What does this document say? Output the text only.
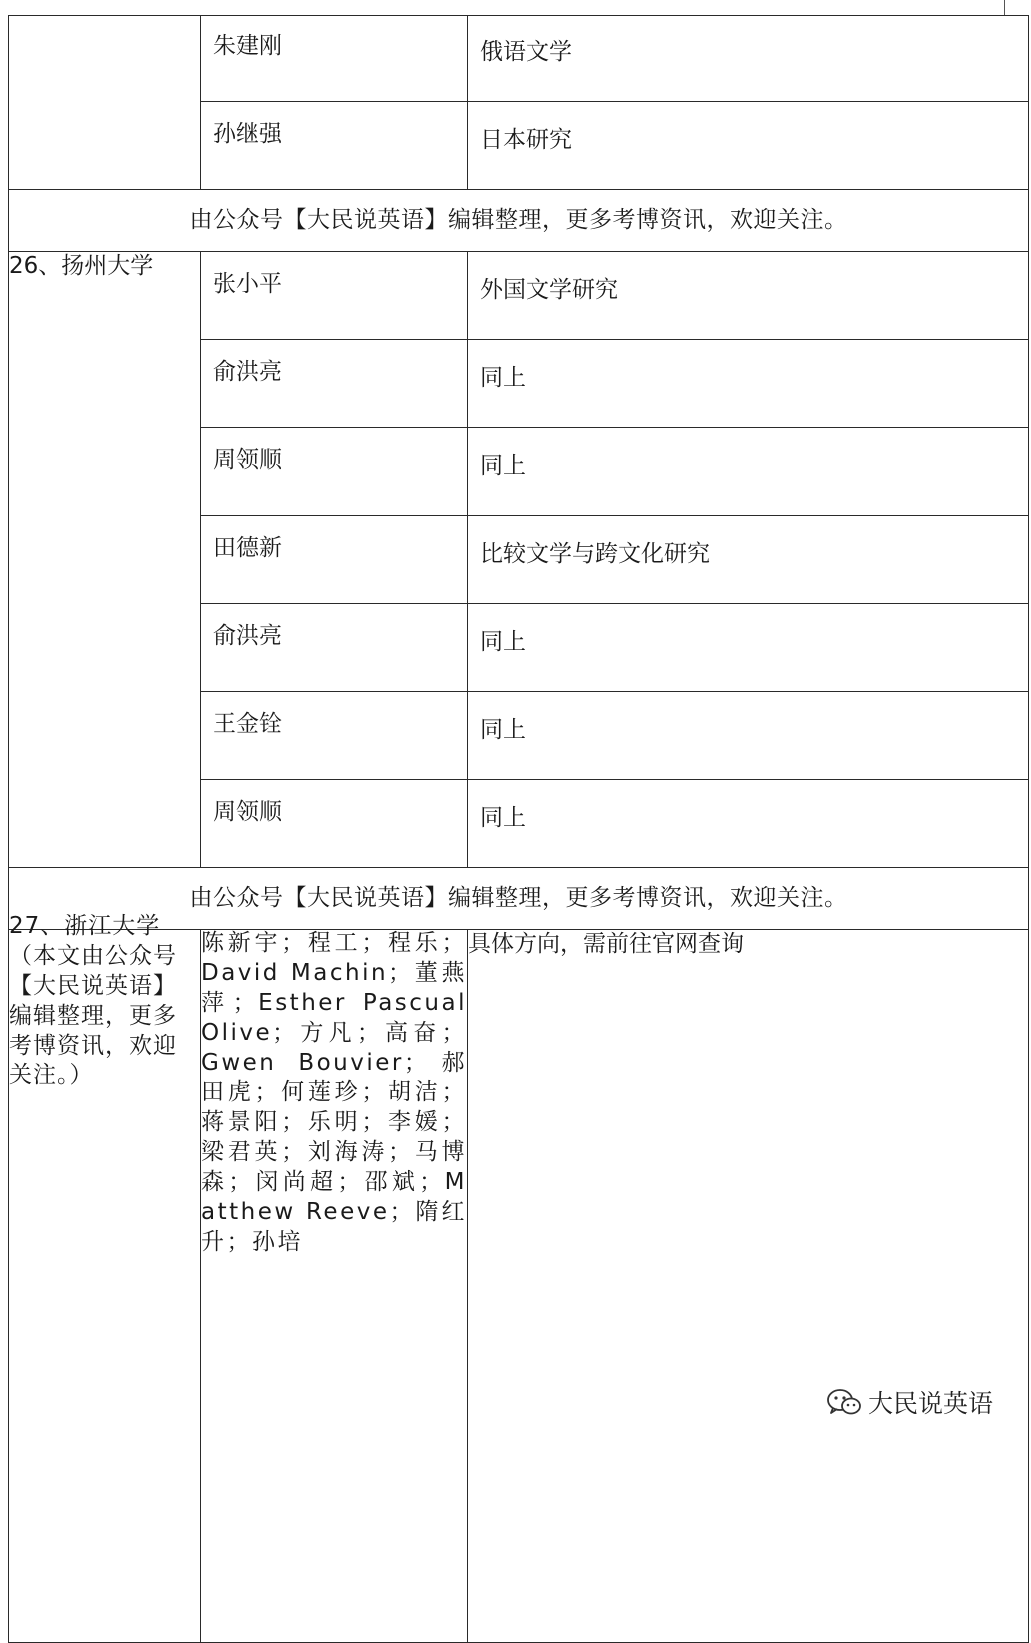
	朱建刚	俄语文学
	孙继强	日本研究
由公众号【大民说英语】编辑整理，更多考博资讯，欢迎关注。		
26、扬州大学	张小平	外国文学研究
	俞洪亮	同上
	周领顺	同上
	田德新	比较文学与跨文化研究
	俞洪亮	同上
	王金铨	同上
	周领顺	同上
由公众号【大民说英语】编辑整理，更多考博资讯，欢迎关注。		

27、浙江大学
（本文由公众号【大民说英语】编辑整理，更多考博资讯，欢迎关注。）	陈新宇；程工；程乐；David Machin；董燕萍；Esther Pascual Olive；方凡；高奋；Gwen Bouvier；郝田虎；何莲珍；胡洁；蒋景阳；乐明；李媛；梁君英；刘海涛；马博森；闵尚超；邵斌；Matthew Reeve；隋红升；孙培	具体方向，需前往官网查询
大民说英语
